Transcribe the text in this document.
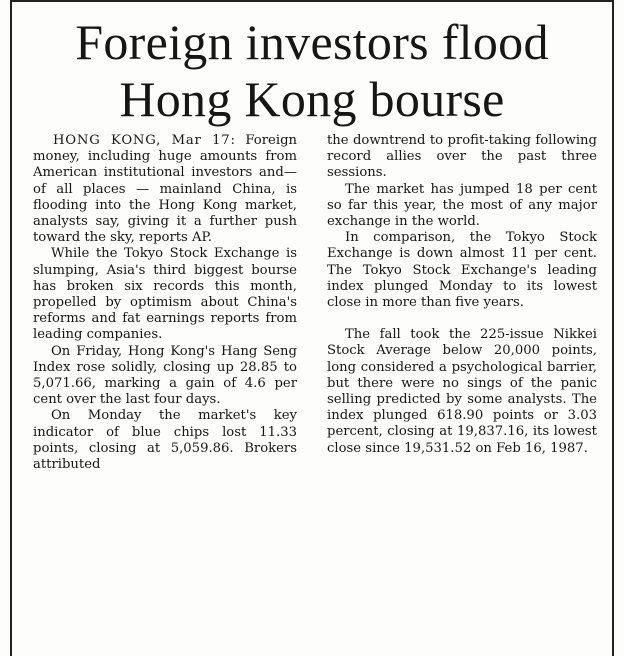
Foreign investors flood
Hong Kong bourse

HONG KONG, Mar 17: Foreign money, including huge amounts from American institutional investors and—of all places — mainland China, is flooding into the Hong Kong market, analysts say, giving it a further push toward the sky, reports AP.

While the Tokyo Stock Exchange is slumping, Asia's third biggest bourse has broken six records this month, propelled by optimism about China's reforms and fat earnings reports from leading companies.

On Friday, Hong Kong's Hang Seng Index rose solidly, closing up 28.85 to 5,071.66, marking a gain of 4.6 per cent over the last four days.

On Monday the market's key indicator of blue chips lost 11.33 points, closing at 5,059.86. Brokers attributed

the downtrend to profit-taking following record allies over the past three sessions.

The market has jumped 18 per cent so far this year, the most of any major exchange in the world.

In comparison, the Tokyo Stock Exchange is down almost 11 per cent. The Tokyo Stock Exchange's leading index plunged Monday to its lowest close in more than five years.

The fall took the 225-issue Nikkei Stock Average below 20,000 points, long considered a psychological barrier, but there were no sings of the panic selling predicted by some analysts. The index plunged 618.90 points or 3.03 percent, closing at 19,837.16, its lowest close since 19,531.52 on Feb 16, 1987.
